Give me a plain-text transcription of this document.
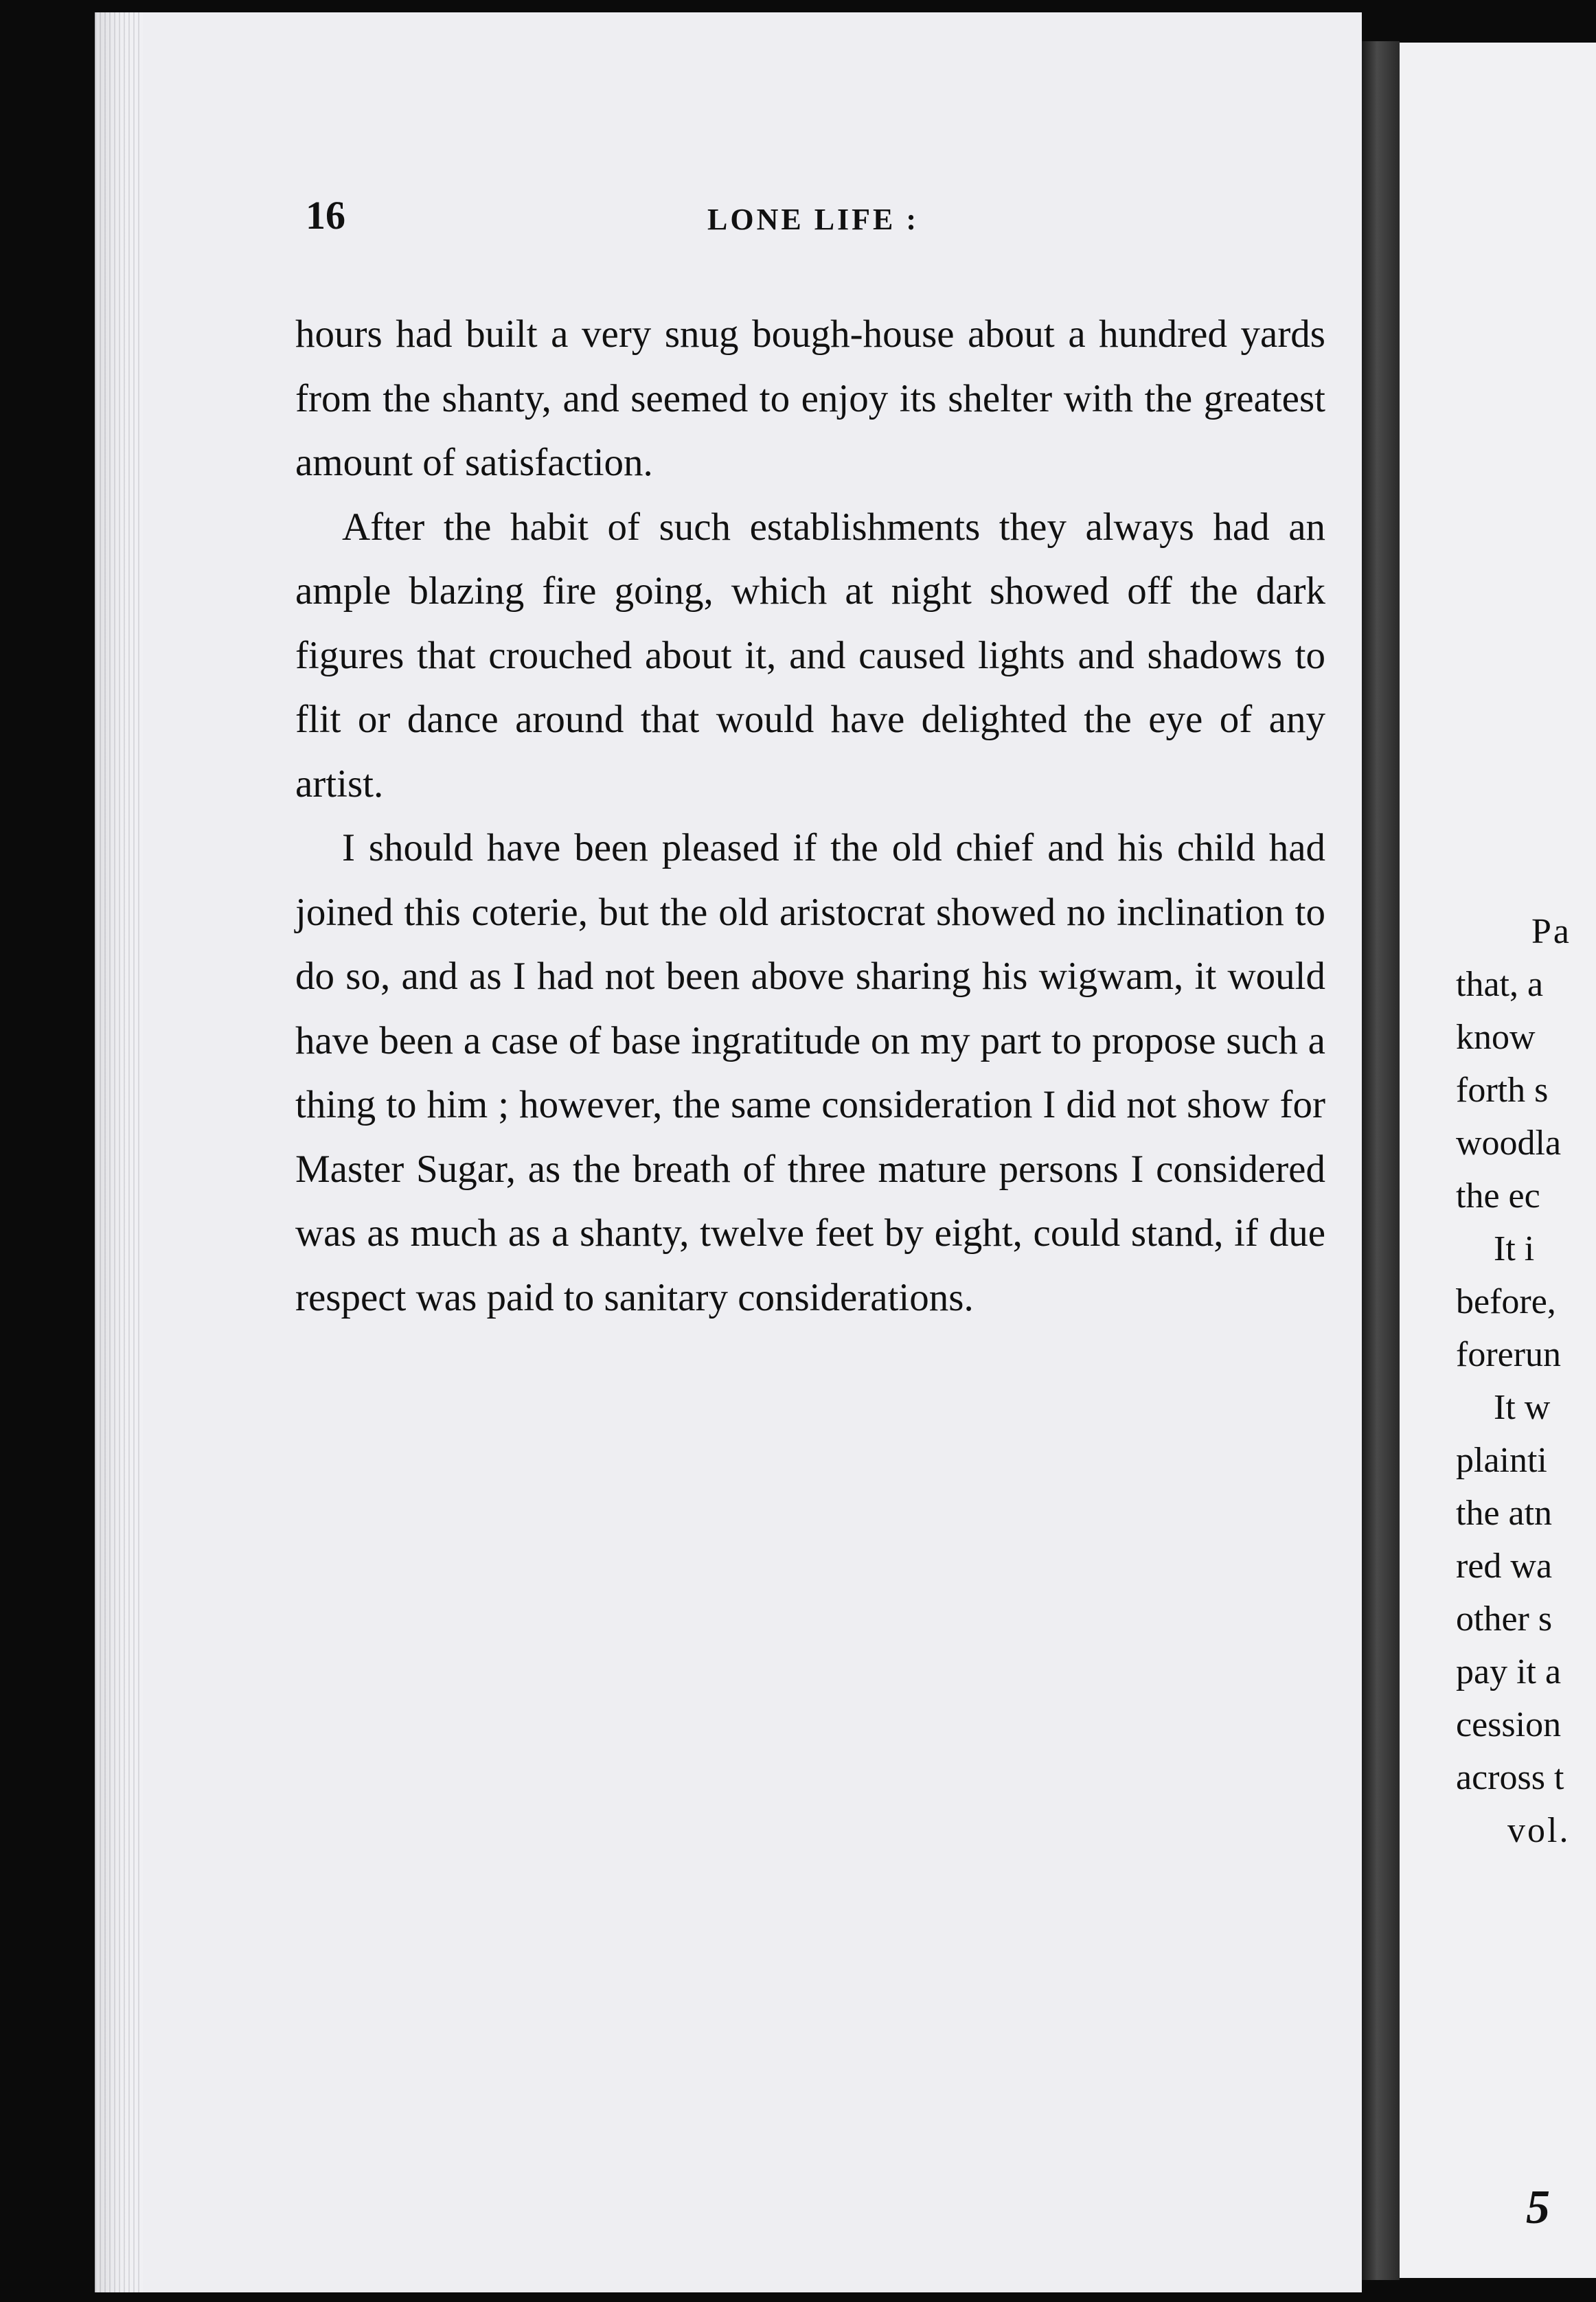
16	LONE LIFE :

hours had built a very snug bough-house about a hundred yards from the shanty, and seemed to enjoy its shelter with the greatest amount of satisfaction.

After the habit of such establishments they always had an ample blazing fire going, which at night showed off the dark figures that crouched about it, and caused lights and shadows to flit or dance around that would have delighted the eye of any artist.

I should have been pleased if the old chief and his child had joined this coterie, but the old aristocrat showed no inclination to do so, and as I had not been above sharing his wigwam, it would have been a case of base ingratitude on my part to propose such a thing to him ; however, the same consideration I did not show for Master Sugar, as the breath of three mature persons I considered was as much as a shanty, twelve feet by eight, could stand, if due respect was paid to sanitary considerations.

Pa
that, a
know
forth s
woodla
the ec
It i
before,
forerun
It w
plainti
the atn
red wa
other s
pay it a
cession
across t
vol.
5
